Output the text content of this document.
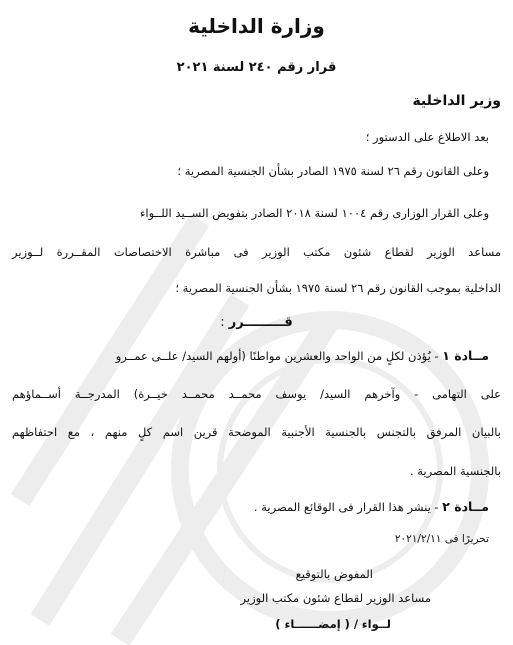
وزارة الداخلية
قرار رقم ٢٤٠ لسنة ٢٠٢١
وزير الداخلية
بعد الاطلاع على الدستور ؛
وعلى القانون رقم ٢٦ لسنة ١٩٧٥ الصادر بشأن الجنسية المصرية ؛
وعلى القرار الوزارى رقم ١٠٠٤ لسنة ٢٠١٨ الصادر بتفويض الســيد اللــواء
مساعد الوزير لقطاع شئون مكتب الوزير فى مباشرة الاختصاصات المقــررة لــوزير
الداخلية بموجب القانون رقم ٢٦ لسنة ١٩٧٥ بشأن الجنسية المصرية ؛
قـــــــــرر :
مــادة ١ - يُؤذن لكلٍ من الواحد والعشرين مواطنًا (أولهم السيد/ علــى عمــرو
على التهامى - وآخرهم السيد/ يوسف محمــد محمــد خيــرة) المدرجــة أســماؤهم
بالبيان المرفق بالتجنس بالجنسية الأجنبية الموضحة قرين اسم كلٍ منهم ، مع احتفاظهم
بالجنسية المصرية .
مــادة ٢ - ينشر هذا القرار فى الوقائع المصرية .
تحريرًا فى ٢٠٢١/٢/١١
المفوض بالتوقيع
مساعد الوزير لقطاع شئون مكتب الوزير
لــواء / ( إمضــــــاء )
